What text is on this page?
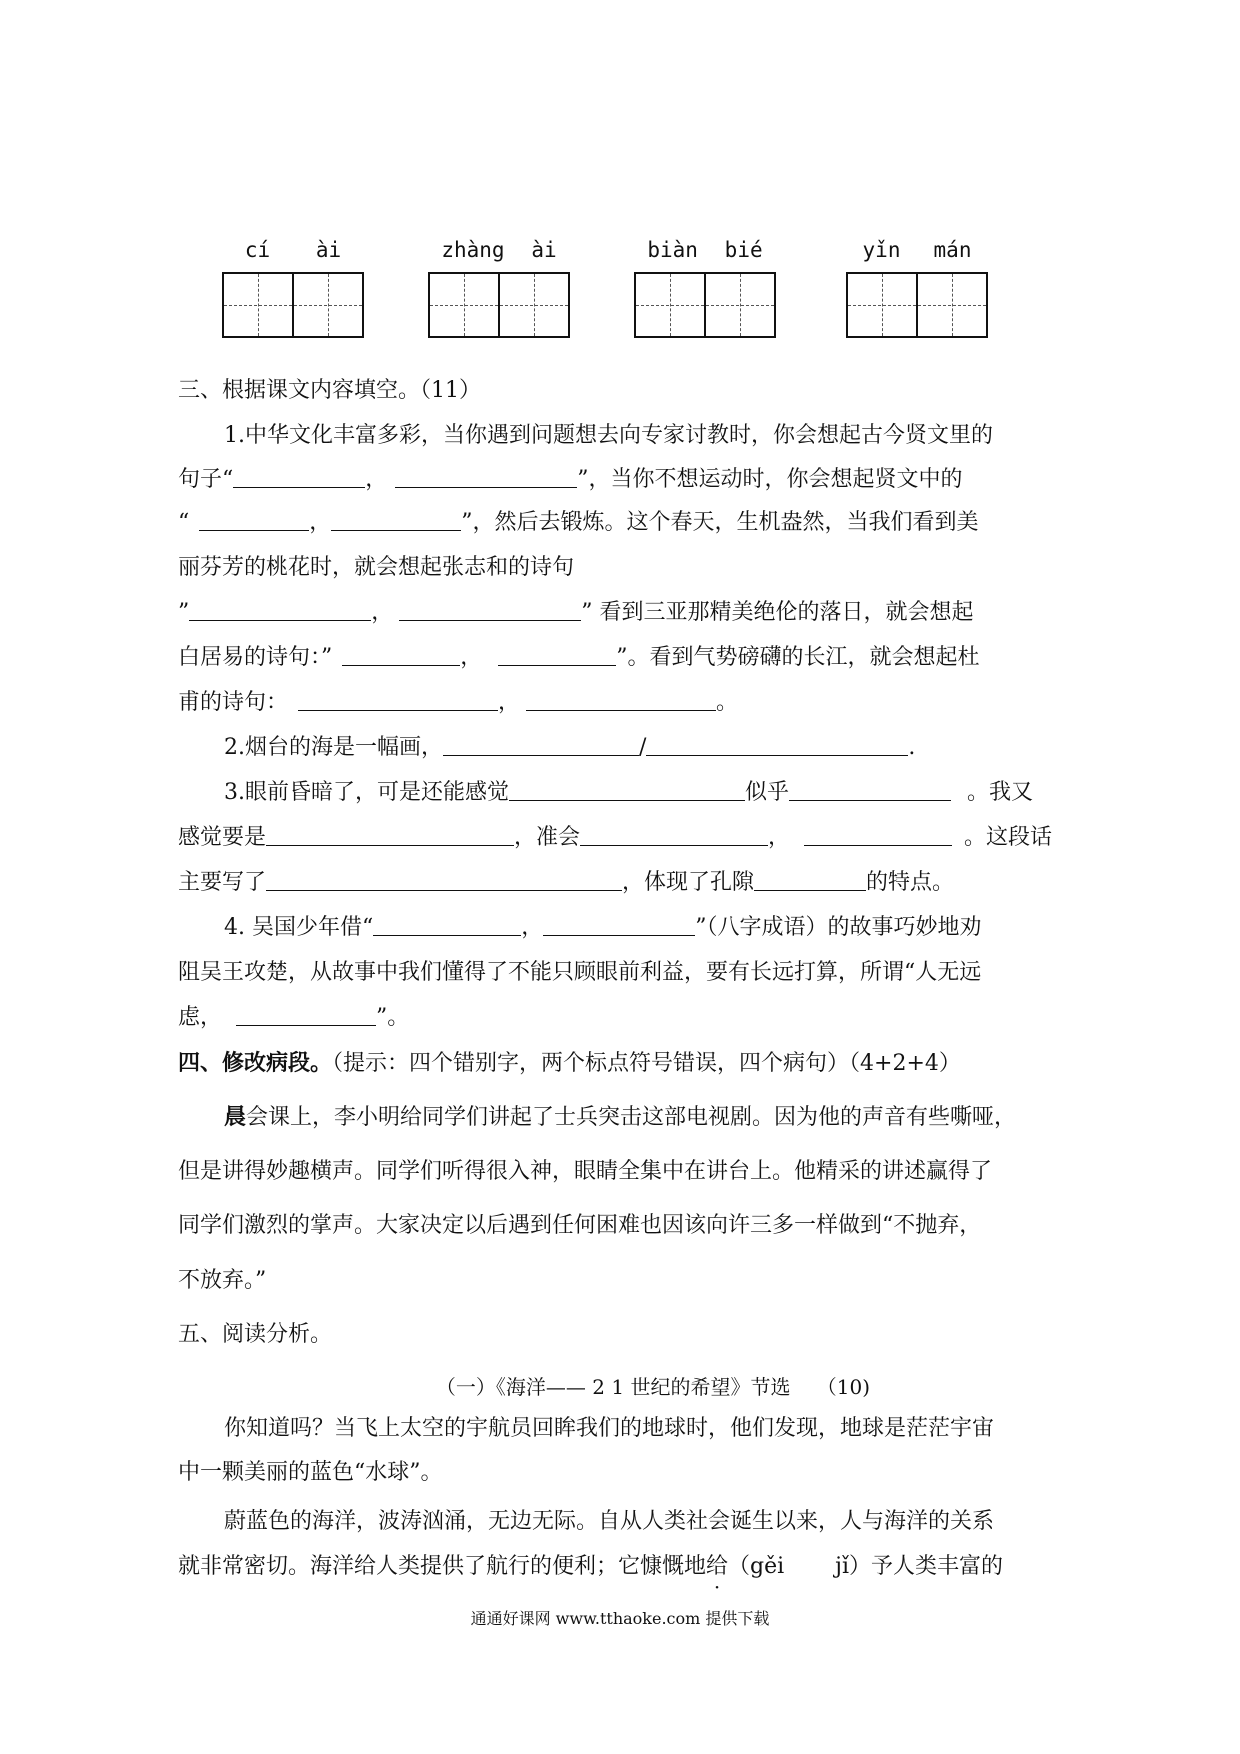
cí ài	zhàng ài	biàn bié	yǐn mán
三、根据课文内容填空。（11）
1.中华文化丰富多彩，当你遇到问题想去向专家讨教时，你会想起古今贤文里的
句子“	，	”，当你不想运动时，你会想起贤文中的
“	，	”，然后去锻炼。这个春天，生机盎然，当我们看到美
丽芬芳的桃花时，就会想起张志和的诗句
”	，	” 看到三亚那精美绝伦的落日，就会想起
白居易的诗句：”	，	”。看到气势磅礴的长江，就会想起杜
甫的诗句：	，	。
2.烟台的海是一幅画，	/	.
3.眼前昏暗了，可是还能感觉	似乎	。我又
感觉要是	，准会	，	。这段话
主要写了	，体现了孔隙	的特点。
4. 吴国少年借“	，	”（八字成语）的故事巧妙地劝
阻吴王攻楚，从故事中我们懂得了不能只顾眼前利益，要有长远打算，所谓“人无远
虑，	”。
四、修改病段。（提示：四个错别字，两个标点符号错误，四个病句）（4+2+4）
晨会课上，李小明给同学们讲起了士兵突击这部电视剧。因为他的声音有些嘶哑，
但是讲得妙趣横声。同学们听得很入神，眼睛全集中在讲台上。他精采的讲述赢得了
同学们激烈的掌声。大家决定以后遇到任何困难也因该向许三多一样做到“不抛弃，
不放弃。”
五、阅读分析。
（一）《海洋—— 2 1 世纪的希望》节选　 （10)
你知道吗？当飞上太空的宇航员回眸我们的地球时，他们发现，地球是茫茫宇宙
中一颗美丽的蓝色“水球”。
蔚蓝色的海洋，波涛汹涌，无边无际。自从人类社会诞生以来，人与海洋的关系
就非常密切。海洋给人类提供了航行的便利；它慷慨地给（gěi　　 jǐ）予人类丰富的
通通好课网 www.tthaoke.com 提供下载
